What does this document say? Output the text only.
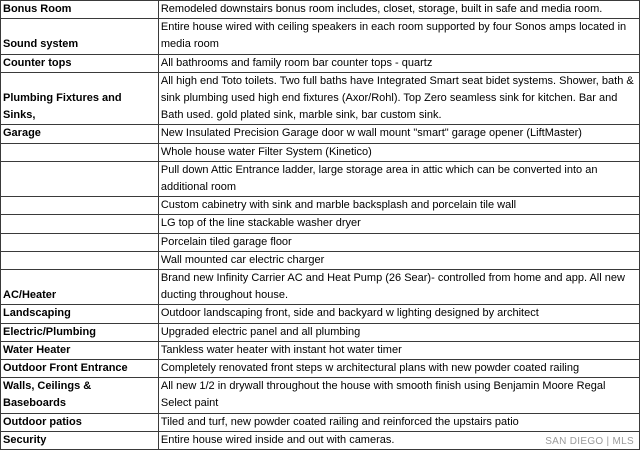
Bonus Room	Remodeled downstairs bonus room includes, closet, storage, built in safe and media room.
Sound system	Entire house wired with ceiling speakers in each room supported by four Sonos amps located in media room
Counter tops	All bathrooms and family room bar counter tops - quartz
Plumbing Fixtures and Sinks,	All high end Toto toilets. Two full baths have Integrated Smart seat bidet systems. Shower, bath & sink plumbing used high end fixtures (Axor/Rohl). Top Zero seamless sink for kitchen. Bar and Bath used. gold plated sink, marble sink, bar custom sink.
Garage	New Insulated Precision Garage door w wall mount "smart" garage opener (LiftMaster)
	Whole house water Filter System (Kinetico)
	Pull down Attic Entrance ladder, large storage area in attic which can be converted into an additional room
	Custom cabinetry with sink and marble backsplash and porcelain tile wall
	LG top of the line stackable washer dryer
	Porcelain tiled garage floor
	Wall mounted car electric charger
AC/Heater	Brand new Infinity Carrier AC and Heat Pump (26 Sear)- controlled from home and app. All new ducting throughout house.
Landscaping	Outdoor landscaping front, side and backyard w lighting designed by architect
Electric/Plumbing	Upgraded electric panel and all plumbing
Water Heater	Tankless water heater with instant hot water timer
Outdoor Front Entrance	Completely renovated front steps w architectural plans with new powder coated railing
Walls, Ceilings & Baseboards	All new 1/2 in drywall throughout the house with smooth finish using Benjamin Moore Regal Select paint
Outdoor patios	Tiled and turf, new powder coated railing and reinforced the upstairs patio
Security	Entire house wired inside and out with cameras.	SAN DIEGO | MLS
